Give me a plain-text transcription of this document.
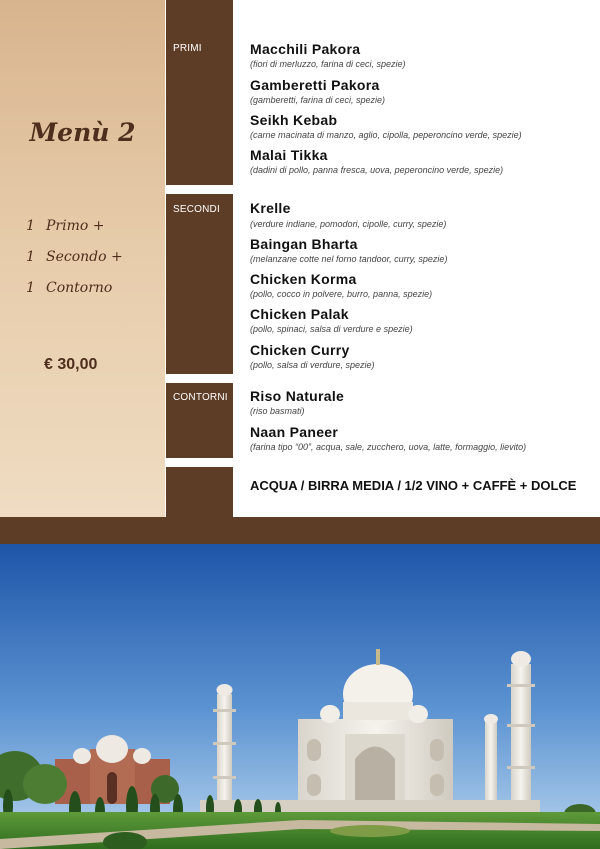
Menù 2
1 Primo +
1 Secondo +
1 Contorno
€ 30,00
PRIMI
SECONDI
CONTORNI
Macchili Pakora
(fiori di merluzzo, farina di ceci, spezie)
Gamberetti Pakora
(gamberetti, farina di ceci, spezie)
Seikh Kebab
(carne macinata di manzo, aglio, cipolla, peperoncino verde, spezie)
Malai Tikka
(dadini di pollo, panna fresca, uova, peperoncino verde, spezie)
Krelle
(verdure indiane, pomodori, cipolle, curry, spezie)
Baingan Bharta
(melanzane cotte nel forno tandoor, curry, spezie)
Chicken Korma
(pollo, cocco in polvere, burro, panna, spezie)
Chicken Palak
(pollo, spinaci, salsa di verdure e spezie)
Chicken Curry
(pollo, salsa di verdure, spezie)
Riso Naturale
(riso basmati)
Naan Paneer
(farina tipo “00”, acqua, sale, zucchero, uova, latte, formaggio, lievito)
ACQUA / BIRRA MEDIA / 1/2 VINO + CAFFÈ + DOLCE
